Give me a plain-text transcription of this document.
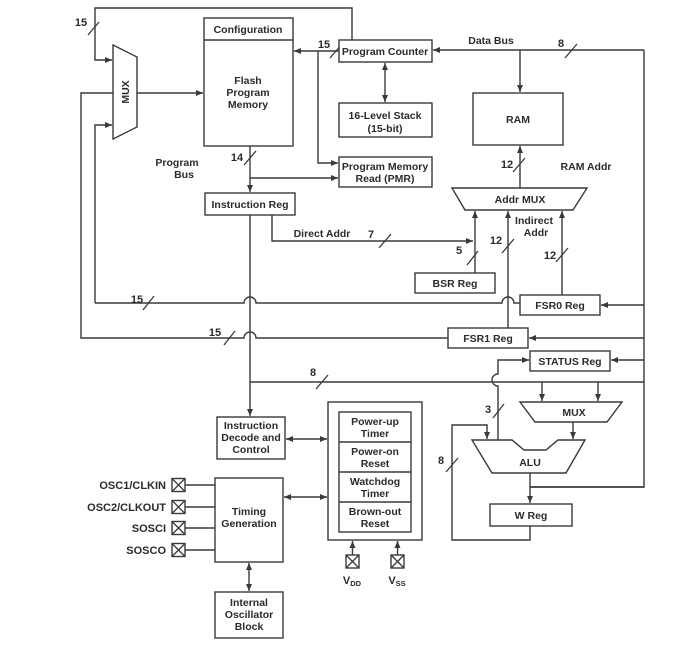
15
15
14
12
5
12
12
7
15
15
8
8
3
8
Program
Bus
Data Bus
RAM Addr
Direct Addr
Indirect
Addr
Configuration
Flash
Program
Memory
MUX
Program Counter
16-Level Stack
(15-bit)
RAM
Program Memory
Read (PMR)
Instruction Reg	Addr MUX
BSR Reg
FSR0 Reg
FSR1 Reg
STATUS Reg
MUX
ALU
W Reg
Instruction
Decode and
Control
Power-up
Timer
Power-on
Reset
Watchdog
Timer
Brown-out
Reset
Timing
Generation
Internal
Oscillator
Block
OSC1/CLKIN
OSC2/CLKOUT
SOSCI
SOSCO
VDD VSS
